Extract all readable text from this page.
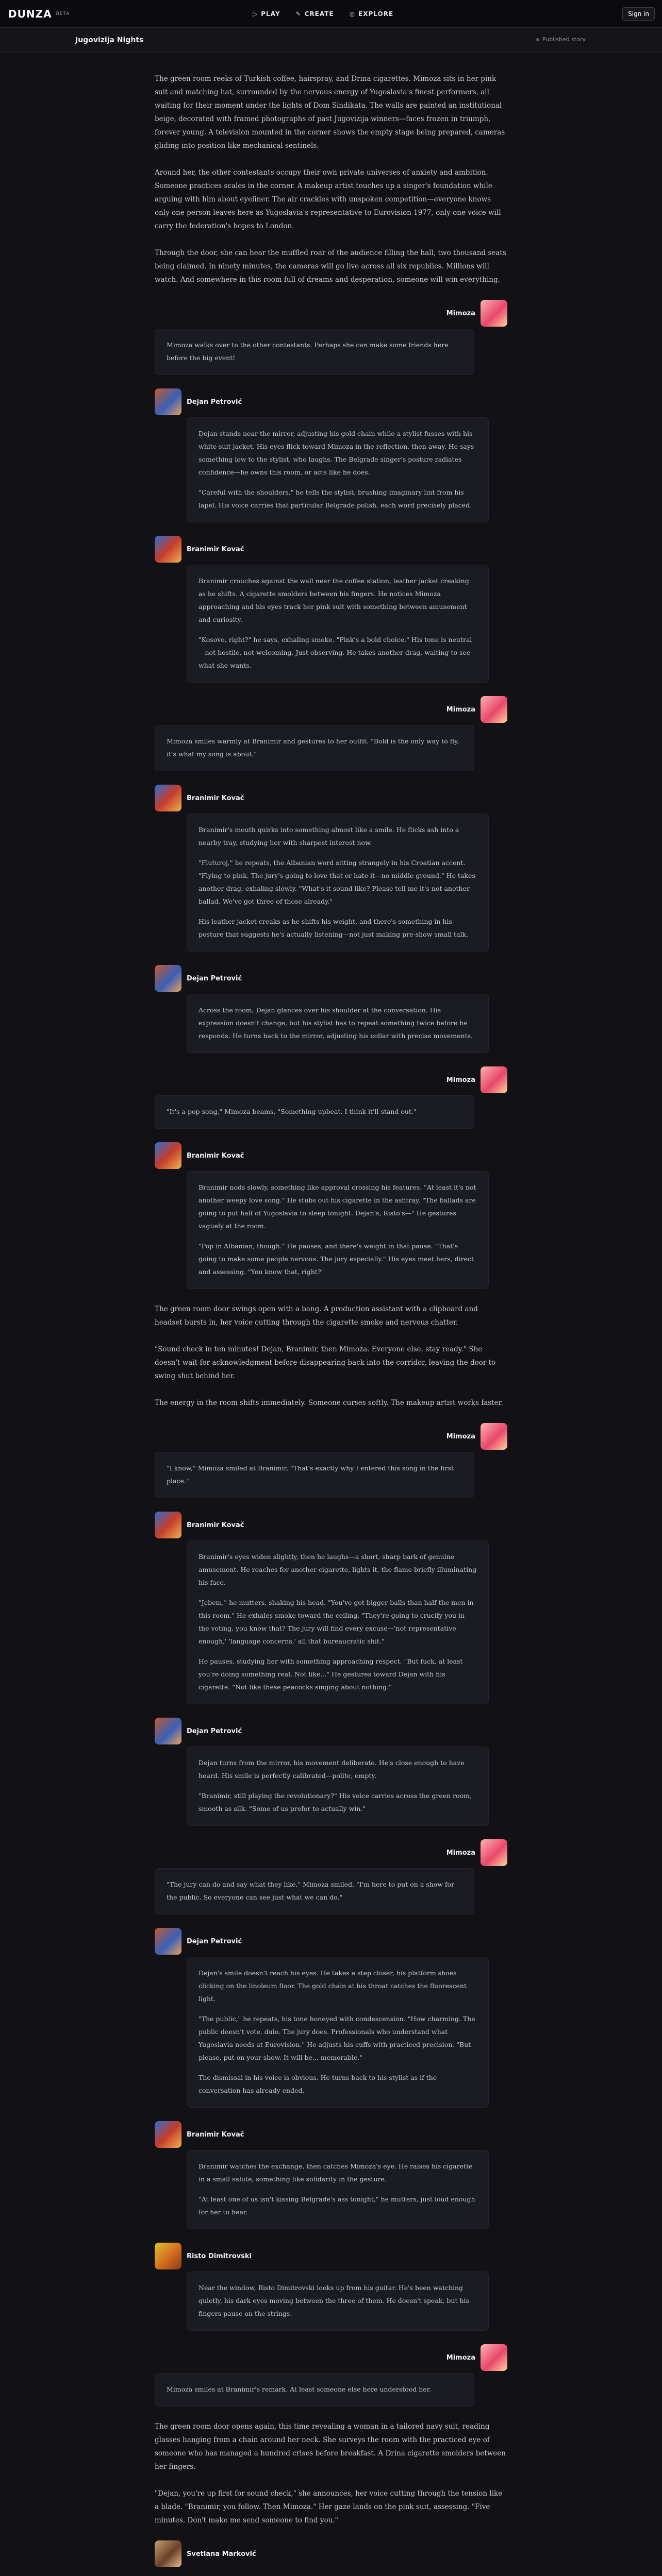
DUNZA BETA	▷ PLAY	✎ CREATE	◎ EXPLORE	Sign in
Jugovizija Nights	Published story

The green room reeks of Turkish coffee, hairspray, and Drina cigarettes. Mimoza sits in her pink suit and matching hat, surrounded by the nervous energy of Yugoslavia's finest performers, all waiting for their moment under the lights of Dom Sindikata. The walls are painted an institutional beige, decorated with framed photographs of past Jugovizija winners—faces frozen in triumph, forever young. A television mounted in the corner shows the empty stage being prepared, cameras gliding into position like mechanical sentinels.

Around her, the other contestants occupy their own private universes of anxiety and ambition. Someone practices scales in the corner. A makeup artist touches up a singer's foundation while arguing with him about eyeliner. The air crackles with unspoken competition—everyone knows only one person leaves here as Yugoslavia's representative to Eurovision 1977, only one voice will carry the federation's hopes to London.

Through the door, she can hear the muffled roar of the audience filling the hall, two thousand seats being claimed. In ninety minutes, the cameras will go live across all six republics. Millions will watch. And somewhere in this room full of dreams and desperation, someone will win everything.

Mimoza

Mimoza walks over to the other contestants. Perhaps she can make some friends here before the big event!

Dejan Petrović

Dejan stands near the mirror, adjusting his gold chain while a stylist fusses with his white suit jacket. His eyes flick toward Mimoza in the reflection, then away. He says something low to the stylist, who laughs. The Belgrade singer's posture radiates confidence—he owns this room, or acts like he does.

"Careful with the shoulders," he tells the stylist, brushing imaginary lint from his lapel. His voice carries that particular Belgrade polish, each word precisely placed.

Branimir Kovač

Branimir crouches against the wall near the coffee station, leather jacket creaking as he shifts. A cigarette smolders between his fingers. He notices Mimoza approaching and his eyes track her pink suit with something between amusement and curiosity.

"Kosovo, right?" he says, exhaling smoke. "Pink's a bold choice." His tone is neutral—not hostile, not welcoming. Just observing. He takes another drag, waiting to see what she wants.

Mimoza

Mimoza smiles warmly at Branimir and gestures to her outfit. "Bold is the only way to fly, it's what my song is about."

Branimir Kovač

Branimir's mouth quirks into something almost like a smile. He flicks ash into a nearby tray, studying her with sharpest interest now.

"Fluturoj," he repeats, the Albanian word sitting strangely in his Croatian accent. "Flying to pink. The jury's going to love that or hate it—no middle ground." He takes another drag, exhaling slowly. "What's it sound like? Please tell me it's not another ballad. We've got three of those already."

His leather jacket creaks as he shifts his weight, and there's something in his posture that suggests he's actually listening—not just making pre-show small talk.

Dejan Petrović

Across the room, Dejan glances over his shoulder at the conversation. His expression doesn't change, but his stylist has to repeat something twice before he responds. He turns back to the mirror, adjusting his collar with precise movements.

Mimoza

"It's a pop song," Mimoza beams, "Something upbeat. I think it'll stand out."

Branimir Kovač

Branimir nods slowly, something like approval crossing his features. "At least it's not another weepy love song." He stubs out his cigarette in the ashtray. "The ballads are going to put half of Yugoslavia to sleep tonight. Dejan's, Risto's—" He gestures vaguely at the room.

"Pop in Albanian, though." He pauses, and there's weight in that pause. "That's going to make some people nervous. The jury especially." His eyes meet hers, direct and assessing. "You know that, right?"

The green room door swings open with a bang. A production assistant with a clipboard and headset bursts in, her voice cutting through the cigarette smoke and nervous chatter.

"Sound check in ten minutes! Dejan, Branimir, then Mimoza. Everyone else, stay ready." She doesn't wait for acknowledgment before disappearing back into the corridor, leaving the door to swing shut behind her.

The energy in the room shifts immediately. Someone curses softly. The makeup artist works faster.

Mimoza

"I know," Mimoza smiled at Branimir, "That's exactly why I entered this song in the first place."

Branimir Kovač

Branimir's eyes widen slightly, then he laughs—a short, sharp bark of genuine amusement. He reaches for another cigarette, lights it, the flame briefly illuminating his face.

"Jebem," he mutters, shaking his head. "You've got bigger balls than half the men in this room." He exhales smoke toward the ceiling. "They're going to crucify you in the voting, you know that? The jury will find every excuse—'not representative enough,' 'language concerns,' all that bureaucratic shit."

He pauses, studying her with something approaching respect. "But fuck, at least you're doing something real. Not like..." He gestures toward Dejan with his cigarette. "Not like these peacocks singing about nothing."

Dejan Petrović

Dejan turns from the mirror, his movement deliberate. He's close enough to have heard. His smile is perfectly calibrated—polite, empty.

"Branimir, still playing the revolutionary?" His voice carries across the green room, smooth as silk. "Some of us prefer to actually win."

Mimoza

"The jury can do and say what they like," Mimoza smiled, "I'm here to put on a show for the public. So everyone can see just what we can do."

Dejan Petrović

Dejan's smile doesn't reach his eyes. He takes a step closer, his platform shoes clicking on the linoleum floor. The gold chain at his throat catches the fluorescent light.

"The public," he repeats, his tone honeyed with condescension. "How charming. The public doesn't vote, dulo. The jury does. Professionals who understand what Yugoslavia needs at Eurovision." He adjusts his cuffs with practiced precision. "But please, put on your show. It will be... memorable."

The dismissal in his voice is obvious. He turns back to his stylist as if the conversation has already ended.

Branimir Kovač

Branimir watches the exchange, then catches Mimoza's eye. He raises his cigarette in a small salute, something like solidarity in the gesture.

"At least one of us isn't kissing Belgrade's ass tonight," he mutters, just loud enough for her to hear.

Risto Dimitrovski

Near the window, Risto Dimitrovski looks up from his guitar. He's been watching quietly, his dark eyes moving between the three of them. He doesn't speak, but his fingers pause on the strings.

Mimoza

Mimoza smiles at Branimir's remark. At least someone else here understood her.

The green room door opens again, this time revealing a woman in a tailored navy suit, reading glasses hanging from a chain around her neck. She surveys the room with the practiced eye of someone who has managed a hundred crises before breakfast. A Drina cigarette smolders between her fingers.

"Dejan, you're up first for sound check," she announces, her voice cutting through the tension like a blade. "Branimir, you follow. Then Mimoza." Her gaze lands on the pink suit, assessing. "Five minutes. Don't make me send someone to find you."

Svetlana Marković
